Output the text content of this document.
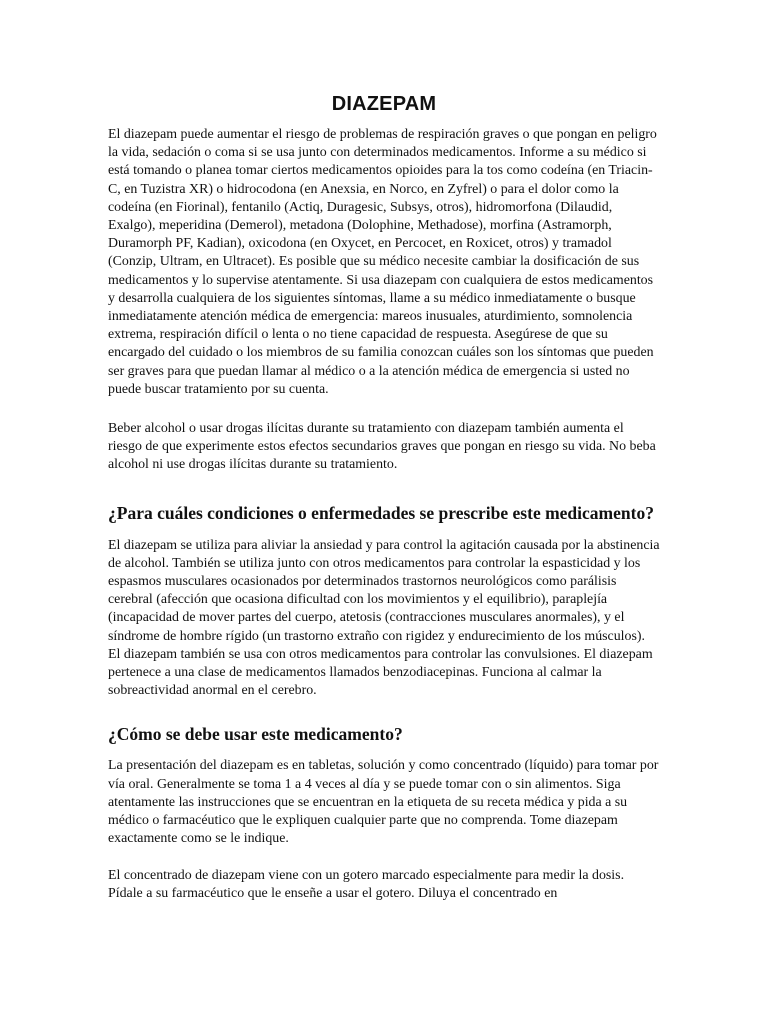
DIAZEPAM

El diazepam puede aumentar el riesgo de problemas de respiración graves o que pongan en peligro la vida, sedación o coma si se usa junto con determinados medicamentos. Informe a su médico si está tomando o planea tomar ciertos medicamentos opioides para la tos como codeína (en Triacin-C, en Tuzistra XR) o hidrocodona (en Anexsia, en Norco, en Zyfrel) o para el dolor como la codeína (en Fiorinal), fentanilo (Actiq, Duragesic, Subsys, otros), hidromorfona (Dilaudid, Exalgo), meperidina (Demerol), metadona (Dolophine, Methadose), morfina (Astramorph, Duramorph PF, Kadian), oxicodona (en Oxycet, en Percocet, en Roxicet, otros) y tramadol (Conzip, Ultram, en Ultracet). Es posible que su médico necesite cambiar la dosificación de sus medicamentos y lo supervise atentamente. Si usa diazepam con cualquiera de estos medicamentos y desarrolla cualquiera de los siguientes síntomas, llame a su médico inmediatamente o busque inmediatamente atención médica de emergencia: mareos inusuales, aturdimiento, somnolencia extrema, respiración difícil o lenta o no tiene capacidad de respuesta. Asegúrese de que su encargado del cuidado o los miembros de su familia conozcan cuáles son los síntomas que pueden ser graves para que puedan llamar al médico o a la atención médica de emergencia si usted no puede buscar tratamiento por su cuenta.

Beber alcohol o usar drogas ilícitas durante su tratamiento con diazepam también aumenta el riesgo de que experimente estos efectos secundarios graves que pongan en riesgo su vida. No beba alcohol ni use drogas ilícitas durante su tratamiento.

¿Para cuáles condiciones o enfermedades se prescribe este medicamento?

El diazepam se utiliza para aliviar la ansiedad y para control la agitación causada por la abstinencia de alcohol. También se utiliza junto con otros medicamentos para controlar la espasticidad y los espasmos musculares ocasionados por determinados trastornos neurológicos como parálisis cerebral (afección que ocasiona dificultad con los movimientos y el equilibrio), paraplejía (incapacidad de mover partes del cuerpo, atetosis (contracciones musculares anormales), y el síndrome de hombre rígido (un trastorno extraño con rigidez y endurecimiento de los músculos). El diazepam también se usa con otros medicamentos para controlar las convulsiones. El diazepam pertenece a una clase de medicamentos llamados benzodiacepinas. Funciona al calmar la sobreactividad anormal en el cerebro.

¿Cómo se debe usar este medicamento?

La presentación del diazepam es en tabletas, solución y como concentrado (líquido) para tomar por vía oral. Generalmente se toma 1 a 4 veces al día y se puede tomar con o sin alimentos. Siga atentamente las instrucciones que se encuentran en la etiqueta de su receta médica y pida a su médico o farmacéutico que le expliquen cualquier parte que no comprenda. Tome diazepam exactamente como se le indique.

El concentrado de diazepam viene con un gotero marcado especialmente para medir la dosis. Pídale a su farmacéutico que le enseñe a usar el gotero. Diluya el concentrado en
